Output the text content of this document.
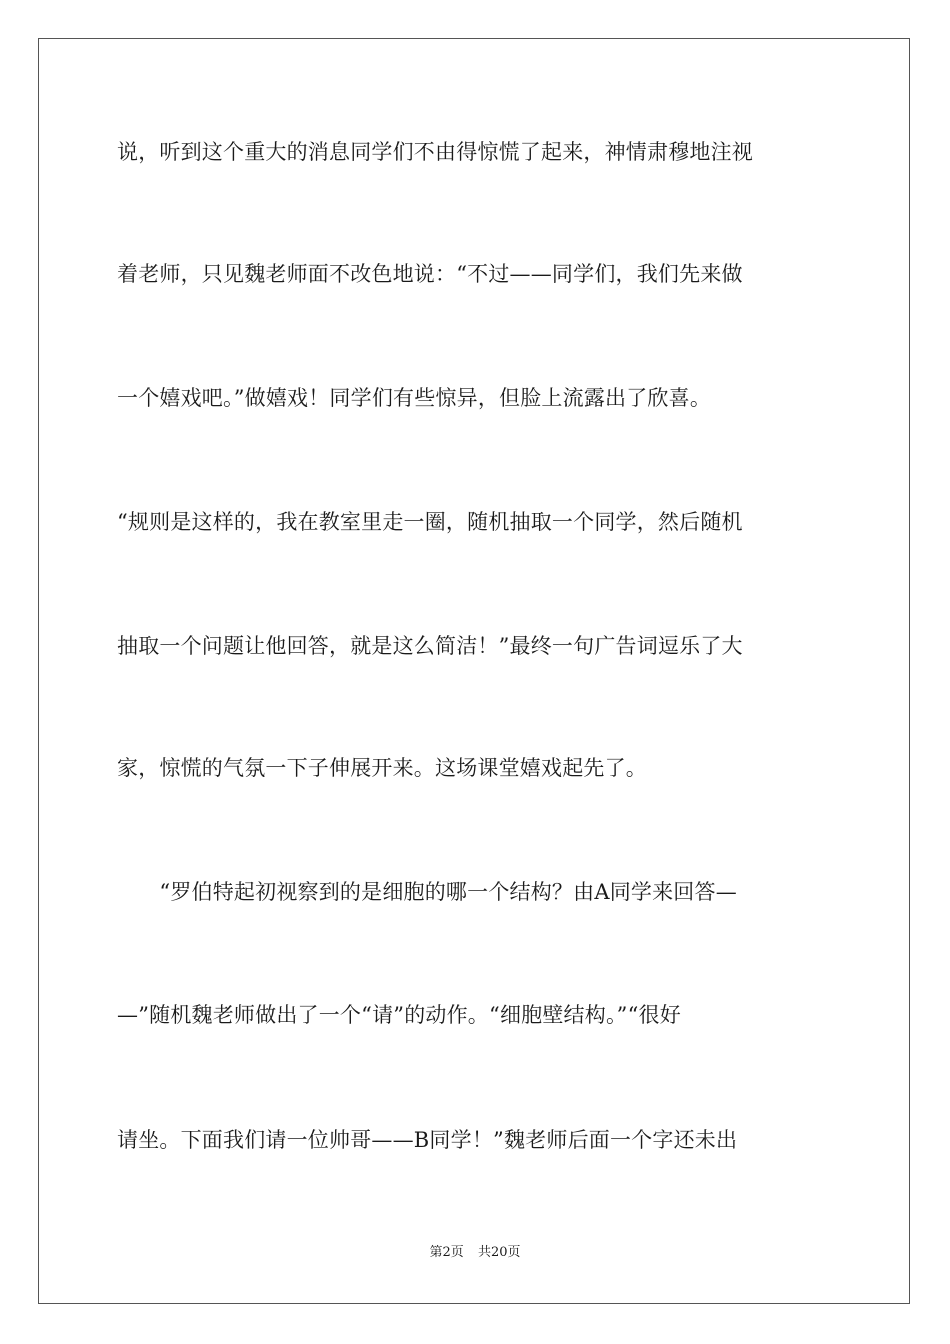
说，听到这个重大的消息同学们不由得惊慌了起来，神情肃穆地注视
着老师，只见魏老师面不改色地说：“不过——同学们，我们先来做
一个嬉戏吧。”做嬉戏！同学们有些惊异，但脸上流露出了欣喜。
“规则是这样的，我在教室里走一圈，随机抽取一个同学，然后随机
抽取一个问题让他回答，就是这么简洁！”最终一句广告词逗乐了大
家，惊慌的气氛一下子伸展开来。这场课堂嬉戏起先了。
　　“罗伯特起初视察到的是细胞的哪一个结构？由A同学来回答—
—”随机魏老师做出了一个“请”的动作。“细胞壁结构。”“很好
请坐。下面我们请一位帅哥——B同学！”魏老师后面一个字还未出
第2页 共20页
